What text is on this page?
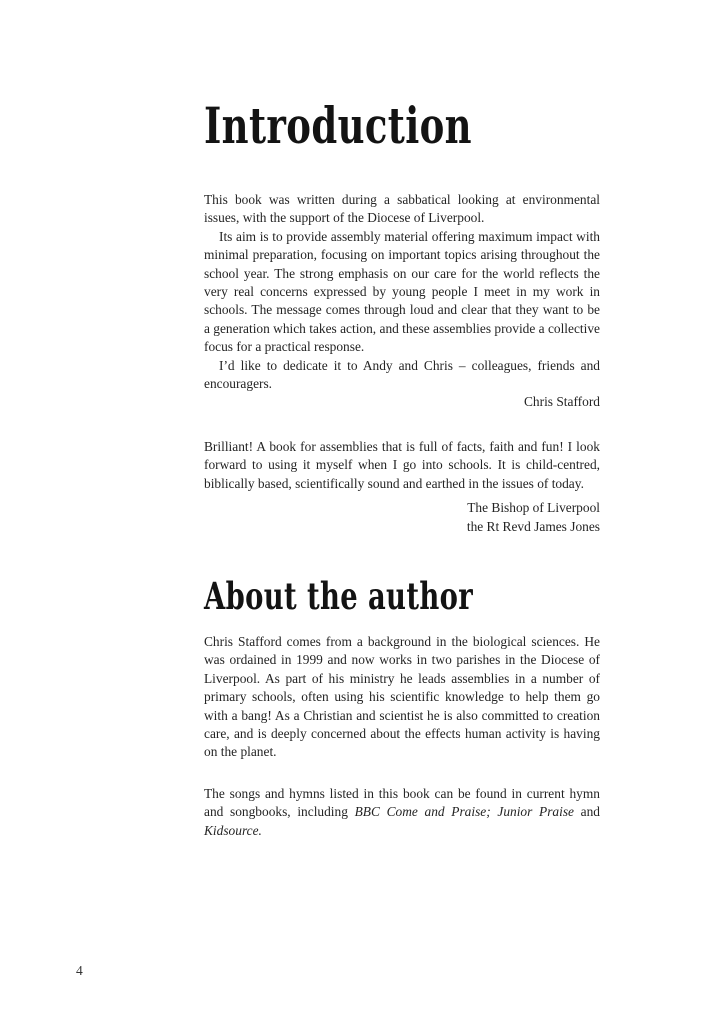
Introduction

This book was written during a sabbatical looking at environmental issues, with the support of the Diocese of Liverpool.

Its aim is to provide assembly material offering maximum impact with minimal preparation, focusing on important topics arising throughout the school year. The strong emphasis on our care for the world reflects the very real concerns expressed by young people I meet in my work in schools. The message comes through loud and clear that they want to be a generation which takes action, and these assemblies provide a collective focus for a practical response.

I’d like to dedicate it to Andy and Chris – colleagues, friends and encouragers.

Chris Stafford

Brilliant! A book for assemblies that is full of facts, faith and fun! I look forward to using it myself when I go into schools. It is child-centred, biblically based, scientifically sound and earthed in the issues of today.

The Bishop of Liverpool

the Rt Revd James Jones

About the author

Chris Stafford comes from a background in the biological sciences. He was ordained in 1999 and now works in two parishes in the Diocese of Liverpool. As part of his ministry he leads assemblies in a number of primary schools, often using his scientific knowledge to help them go with a bang! As a Christian and scientist he is also committed to creation care, and is deeply concerned about the effects human activity is having on the planet.

The songs and hymns listed in this book can be found in current hymn and songbooks, including BBC Come and Praise; Junior Praise and Kidsource.

4
